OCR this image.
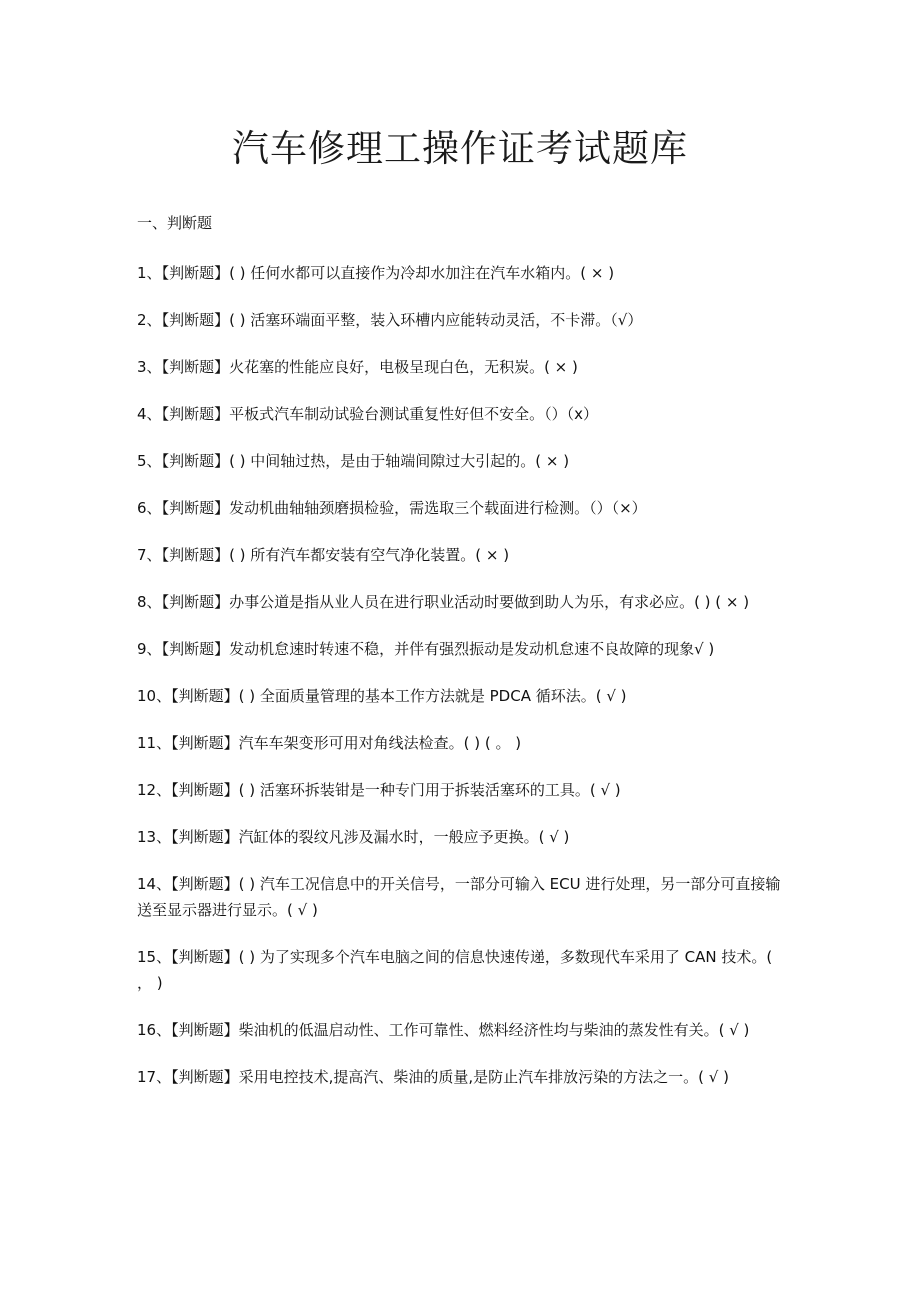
汽车修理工操作证考试题库
一、判断题
1、【判断题】( ) 任何水都可以直接作为冷却水加注在汽车水箱内。( × )
2、【判断题】( ) 活塞环端面平整，装入环槽内应能转动灵活，不卡滞。（√）
3、【判断题】火花塞的性能应良好，电极呈现白色，无积炭。( × )
4、【判断题】平板式汽车制动试验台测试重复性好但不安全。（）（x）
5、【判断题】( ) 中间轴过热，是由于轴端间隙过大引起的。( × )
6、【判断题】发动机曲轴轴颈磨损检验，需选取三个载面进行检测。（）（×）
7、【判断题】( ) 所有汽车都安装有空气净化装置。( × )
8、【判断题】办事公道是指从业人员在进行职业活动时要做到助人为乐，有求必应。( ) ( × )
9、【判断题】发动机怠速时转速不稳，并伴有强烈振动是发动机怠速不良故障的现象√ )
10、【判断题】( ) 全面质量管理的基本工作方法就是 PDCA 循环法。( √ )
11、【判断题】汽车车架变形可用对角线法检查。( ) ( 。 )
12、【判断题】( ) 活塞环拆装钳是一种专门用于拆装活塞环的工具。( √ )
13、【判断题】汽缸体的裂纹凡涉及漏水时，一般应予更换。( √ )
14、【判断题】( ) 汽车工况信息中的开关信号，一部分可输入 ECU 进行处理，另一部分可直接输送至显示器进行显示。( √ )
15、【判断题】( ) 为了实现多个汽车电脑之间的信息快速传递，多数现代车采用了 CAN 技术。( ， )
16、【判断题】柴油机的低温启动性、工作可靠性、燃料经济性均与柴油的蒸发性有关。( √ )
17、【判断题】采用电控技术,提高汽、柴油的质量,是防止汽车排放污染的方法之一。( √ )
